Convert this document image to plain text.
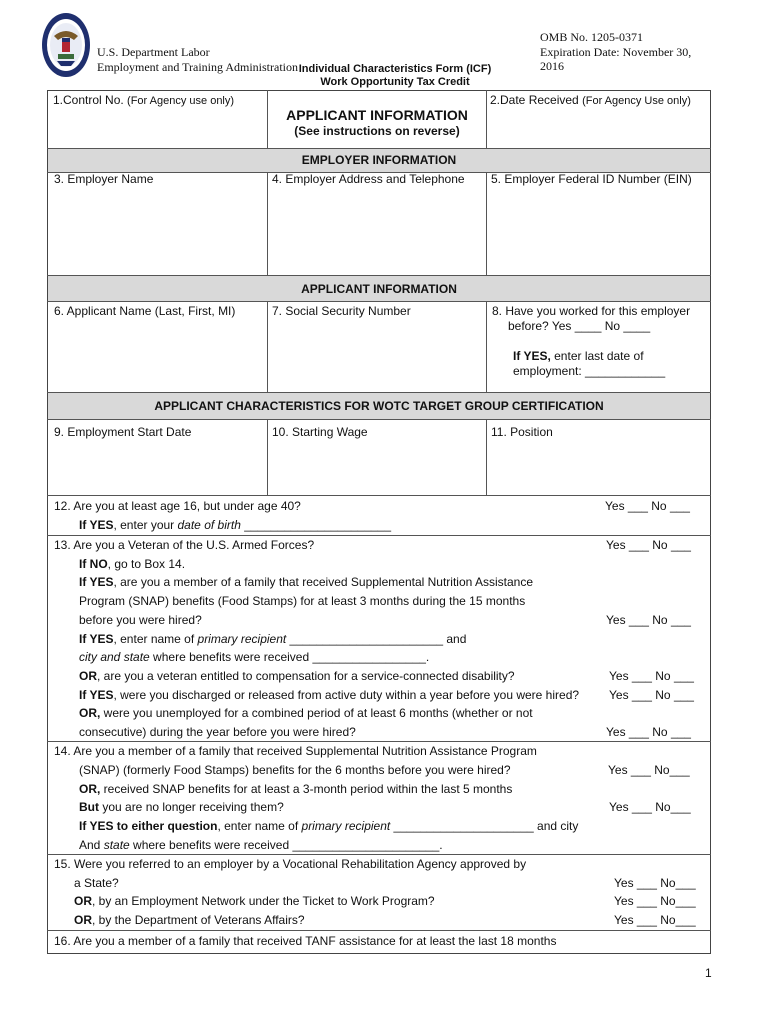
U.S. Department Labor
Employment and Training Administration
OMB No. 1205-0371
Expiration Date: November 30,
2016
Individual Characteristics Form (ICF)
Work Opportunity Tax Credit
1.Control No. (For Agency use only)
APPLICANT INFORMATION
(See instructions on reverse)
2.Date Received (For Agency Use only)
EMPLOYER INFORMATION
3. Employer Name	4. Employer Address and Telephone 5. Employer Federal ID Number (EIN)
APPLICANT INFORMATION
6. Applicant Name (Last, First, MI)	7. Social Security Number	8. Have you worked for this employer
before? Yes ____ No ____
If YES, enter last date of
employment: ____________
APPLICANT CHARACTERISTICS FOR WOTC TARGET GROUP CERTIFICATION
9. Employment Start Date	10. Starting Wage	11. Position
12. Are you at least age 16, but under age 40?	Yes ___ No ___
If YES, enter your date of birth ______________________
13. Are you a Veteran of the U.S. Armed Forces?	Yes ___ No ___
If NO, go to Box 14.
If YES, are you a member of a family that received Supplemental Nutrition Assistance
Program (SNAP) benefits (Food Stamps) for at least 3 months during the 15 months
before you were hired?	Yes ___ No ___
If YES, enter name of primary recipient _______________________ and
city and state where benefits were received _________________.
OR, are you a veteran entitled to compensation for a service-connected disability?	Yes ___ No ___
If YES, were you discharged or released from active duty within a year before you were hired? Yes ___ No ___
OR, were you unemployed for a combined period of at least 6 months (whether or not
consecutive) during the year before you were hired?	Yes ___ No ___
14. Are you a member of a family that received Supplemental Nutrition Assistance Program
(SNAP) (formerly Food Stamps) benefits for the 6 months before you were hired?	Yes ___ No___
OR, received SNAP benefits for at least a 3-month period within the last 5 months
But you are no longer receiving them?	Yes ___ No___
If YES to either question, enter name of primary recipient _____________________ and city
And state where benefits were received ______________________.
15. Were you referred to an employer by a Vocational Rehabilitation Agency approved by
a State?	Yes ___ No___
OR, by an Employment Network under the Ticket to Work Program?	Yes ___ No___
OR, by the Department of Veterans Affairs?	Yes ___ No___
16. Are you a member of a family that received TANF assistance for at least the last 18 months
1
